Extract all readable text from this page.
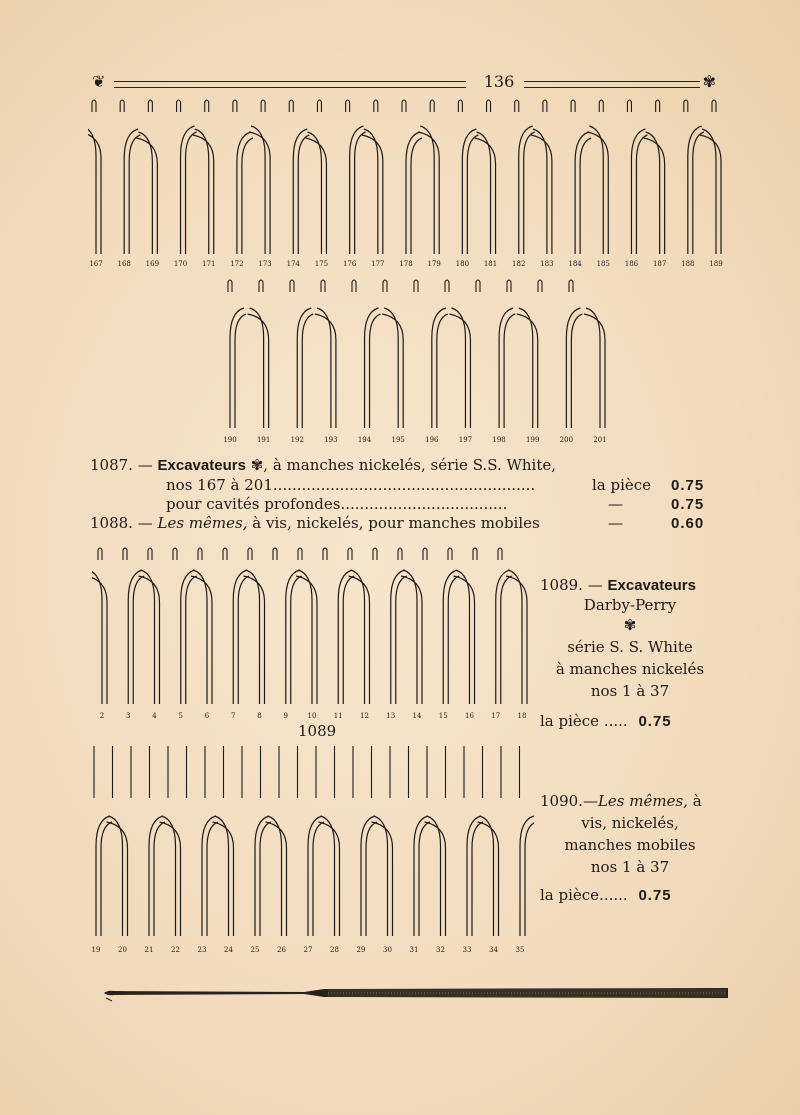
❦	136	✾
167 168 169 170 171 172 173 174 175 176 177 178 179 180 181 182 183 184 185 186 187 188 189
190	191	192	193	194	195	196	197	198	199	200	201
1087. — Excavateurs ✾, à manches nickelés, série S.S. White,
nos 167 à 201.......................................................	la pièce 0.75
pour cavités profondes...................................	—	0.75
1088. — Les mêmes, à vis, nickelés, pour manches mobiles	—	0.60
2	3	4	5	6	7	8	9	10 11 12 13 14 15 16 17 18
1089
19	20	21	22	23	24	25	26	27	28	29	30	31	32	33	34	35
1089. — Excavateurs
Darby-Perry
✾
série S. S. White
à manches nickelés
nos 1 à 37
la pièce ..... 0.75
1090.—Les mêmes, à
vis, nickelés,
manches mobiles
nos 1 à 37
la pièce...... 0.75
